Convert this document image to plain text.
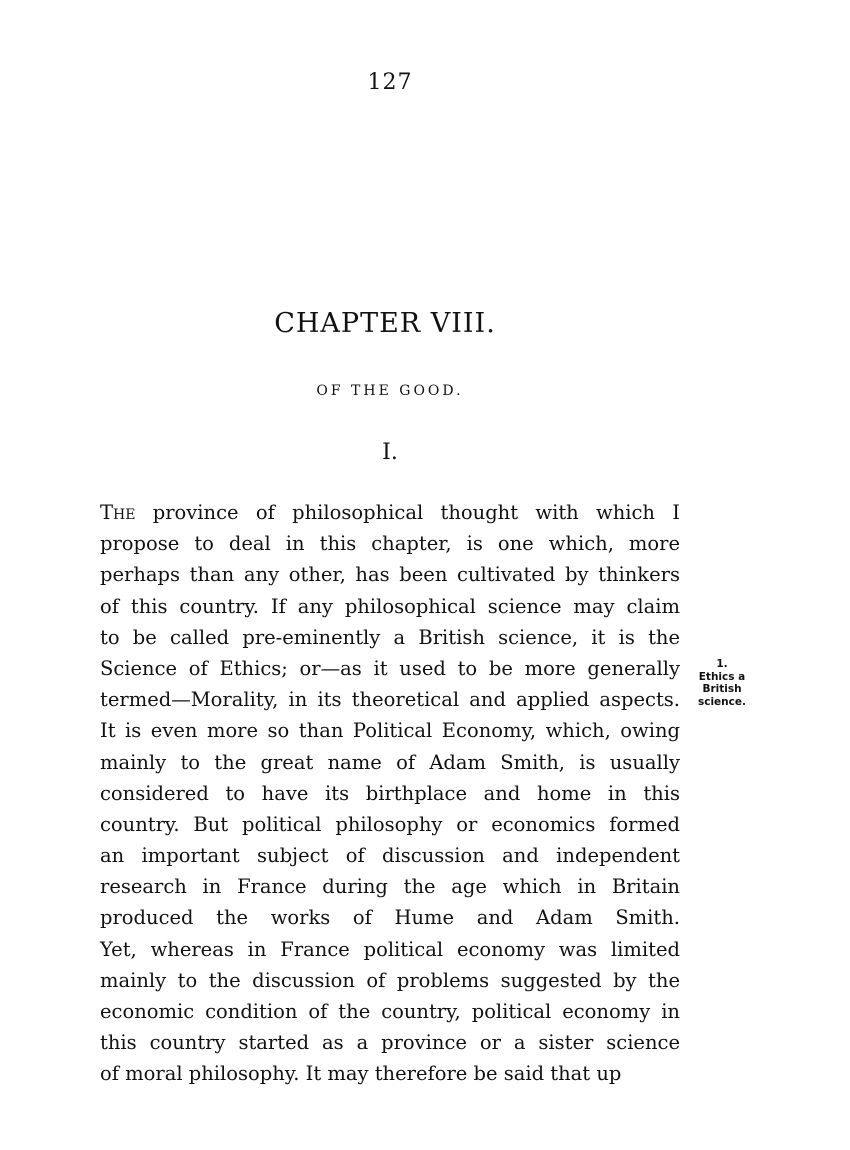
127
CHAPTER VIII.
OF THE GOOD.
I.
The province of philosophical thought with which I
propose to deal in this chapter, is one which, more
perhaps than any other, has been cultivated by thinkers
of this country. If any philosophical science may claim
to be called pre-eminently a British science, it is the
Science of Ethics; or—as it used to be more generally
termed—Morality, in its theoretical and applied aspects.
It is even more so than Political Economy, which, owing
mainly to the great name of Adam Smith, is usually
considered to have its birthplace and home in this
country. But political philosophy or economics formed
an important subject of discussion and independent
research in France during the age which in Britain
produced the works of Hume and Adam Smith.
Yet, whereas in France political economy was limited
mainly to the discussion of problems suggested by the
economic condition of the country, political economy in
this country started as a province or a sister science
of moral philosophy. It may therefore be said that up
1.
Ethics a
British
science.
